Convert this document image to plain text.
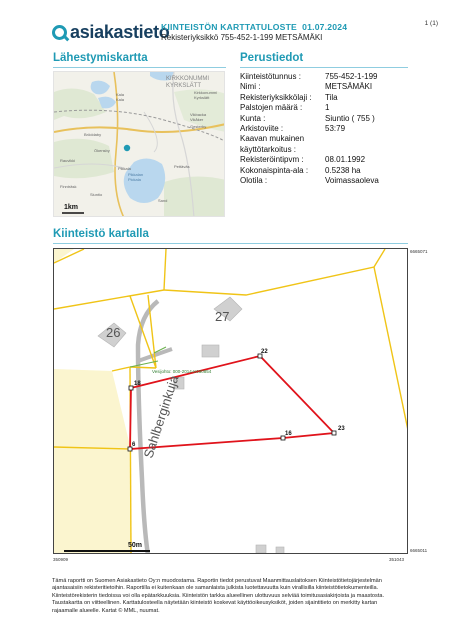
asiakastieto
KIINTEISTÖN KARTTATULOSTE 01.07.2024
Rekisteriyksikkö 755-452-1-199 METSÄMÄKI
1 (1)
Lähestymiskartta
KIRKKONUMMI
KYRKSLÄTT
Kirkkonummi
Kyrkslätt
Kala
Kala
Vikbacka
Vikåker
Gesterby
Bröddaby
Ökensby
Rauvikki
Pikkala
Pikkalan
Pickala
Finnträsk
Siuntio
Pettäväs
Sand
1km
Perustiedot
Kiinteistötunnus :	755-452-1-199
Nimi :	METSÄMÄKI
Rekisteriyksikkölaji :	Tila
Palstojen määrä :	1
Kunta :	Siuntio ( 755 )
Arkistoviite :	53:79
Kaavan mukainen käyttötarkoitus :
Rekisteröintipvm :	08.01.1992
Kokonaispinta-ala :	0.5238 ha
Olotila :	Voimassaoleva
Kiinteistö kartalla
26
27
Sahlberginkuja
Vesijohto: 000-2014-K030854
22
18
6
16
23
50m
6665071
6665011
350909	351043
Tämä raportti on Suomen Asiakastieto Oy:n muodostama. Raportin tiedot perustuvat Maanmittauslaitoksen Kiinteistötietojärjestelmän ajantasaisiin rekisteritietoihin. Raportilla ei kuitenkaan ole samanlaista julkista luotettavuutta kuin virallisilla kiinteistötietokumenteilla. Kiinteistörekisterin tiedoissa voi olla epätarkkuuksia. Kiinteistön tarkka alueellinen ulottuvuus selviää toimitusasiakirjoista ja maastosta. Taustakartta on viitteellinen. Karttatulosteella näytetään kiinteistö koskevat käyttöoikeusyksiköt, joiden sijaintitieto on merkitty kartan rajaamalle alueelle. Kartat © MML, nuumat.
